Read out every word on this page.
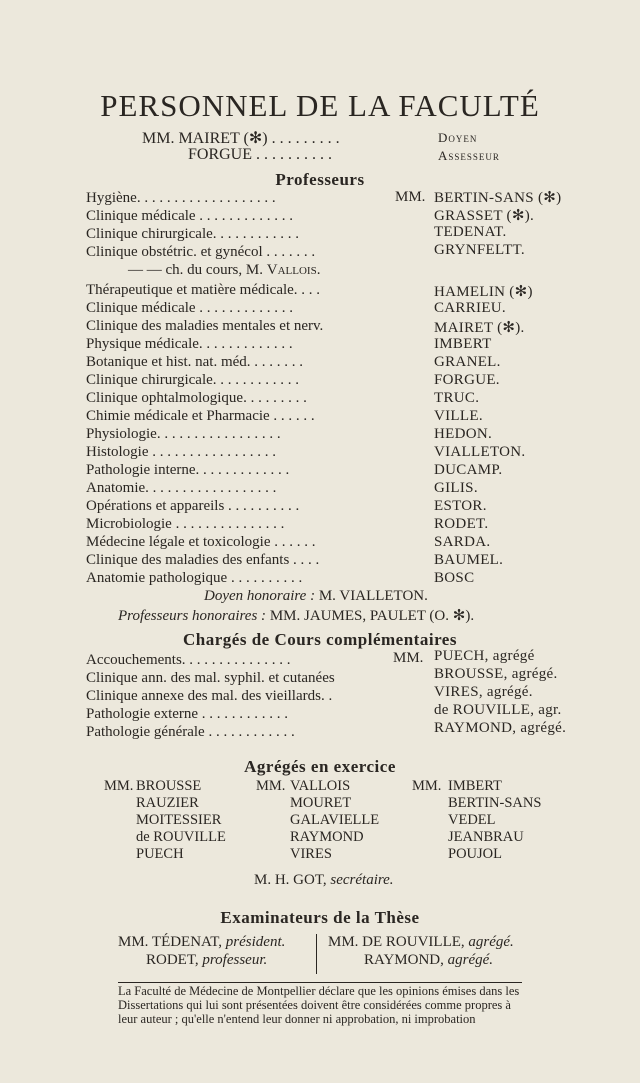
PERSONNEL DE LA FACULTÉ
MM. MAIRET (✻) . . . . . . . . .	Doyen
FORGUE . . . . . . . . . .	Assesseur
Professeurs
MM.
Hygiène. . . . . . . . . . . . . . . . . . .	BERTIN-SANS (✻)
Clinique médicale . . . . . . . . . . . . .	GRASSET (✻).
Clinique chirurgicale. . . . . . . . . . . .	TEDENAT.
Clinique obstétric. et gynécol . . . . . . .	GRYNFELTT.
— — ch. du cours, M. Vallois.
Thérapeutique et matière médicale. . . .	HAMELIN (✻)
Clinique médicale . . . . . . . . . . . . .	CARRIEU.
Clinique des maladies mentales et nerv.	MAIRET (✻).
Physique médicale. . . . . . . . . . . . .	IMBERT
Botanique et hist. nat. méd. . . . . . . .	GRANEL.
Clinique chirurgicale. . . . . . . . . . . .	FORGUE.
Clinique ophtalmologique. . . . . . . . .	TRUC.
Chimie médicale et Pharmacie . . . . . .	VILLE.
Physiologie. . . . . . . . . . . . . . . . .	HEDON.
Histologie . . . . . . . . . . . . . . . . .	VIALLETON.
Pathologie interne. . . . . . . . . . . . .	DUCAMP.
Anatomie. . . . . . . . . . . . . . . . . .	GILIS.
Opérations et appareils . . . . . . . . . .	ESTOR.
Microbiologie . . . . . . . . . . . . . . .	RODET.
Médecine légale et toxicologie . . . . . .	SARDA.
Clinique des maladies des enfants . . . .	BAUMEL.
Anatomie pathologique . . . . . . . . . .	BOSC
Doyen honoraire : M. VIALLETON.
Professeurs honoraires : MM. JAUMES, PAULET (O. ✻).
Chargés de Cours complémentaires
MM.
Accouchements. . . . . . . . . . . . . . .	PUECH, agrégé
Clinique ann. des mal. syphil. et cutanées	BROUSSE, agrégé.
Clinique annexe des mal. des vieillards. .	VIRES, agrégé.
Pathologie externe . . . . . . . . . . . .	de ROUVILLE, agr.
Pathologie générale . . . . . . . . . . . .	RAYMOND, agrégé.
Agrégés en exercice
MM. BROUSSE
RAUZIER
MOITESSIER
de ROUVILLE
PUECH
MM. VALLOIS
MOURET
GALAVIELLE
RAYMOND
VIRES
MM. IMBERT
BERTIN-SANS
VEDEL
JEANBRAU
POUJOL
M. H. GOT, secrétaire.
Examinateurs de la Thèse
MM. TÉDENAT, président.
RODET, professeur.
MM. DE ROUVILLE, agrégé.
RAYMOND, agrégé.
La Faculté de Médecine de Montpellier déclare que les opinions émises dans les Dissertations qui lui sont présentées doivent être considérées comme propres à leur auteur ; qu'elle n'entend leur donner ni approbation, ni improbation
